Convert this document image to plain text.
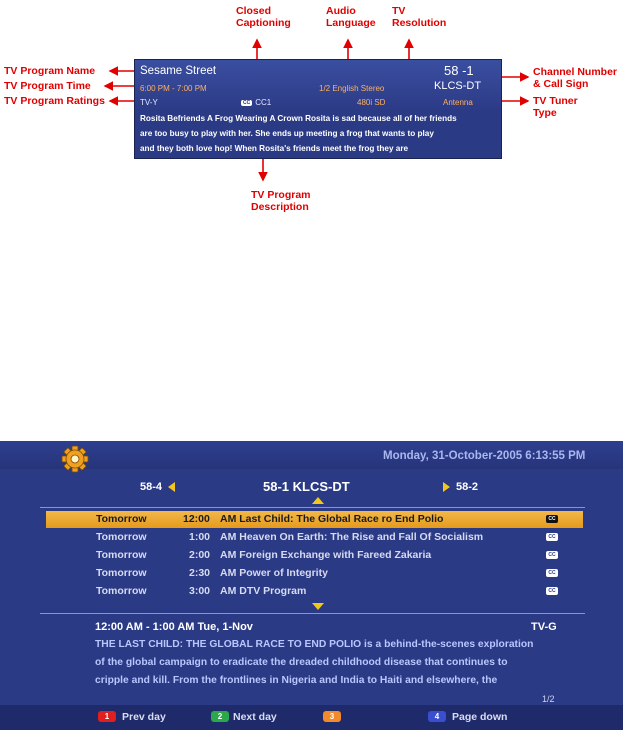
Closed
Captioning
Audio
Language
TV
Resolution
TV Program Name
TV Program Time
TV Program Ratings
Channel Number
& Call Sign
TV Tuner
Type
TV Program
Description
Sesame Street
6:00 PM - 7:00 PM
TV-Y	CC CC1
1/2 English Stereo
480i SD
58 -1
KLCS-DT
Antenna
Rosita Befriends A Frog Wearing A Crown Rosita is sad because all of her friends
are too busy to play with her. She ends up meeting a frog that wants to play
and they both love hop! When Rosita's friends meet the frog they are
Monday, 31-October-2005 6:13:55 PM
58-4	58-1 KLCS-DT	58-2
Tomorrow	12:00 AM Last Child: The Global Race ro End Polio	CC
Tomorrow	1:00 AM Heaven On Earth: The Rise and Fall Of Socialism	CC
Tomorrow	2:00 AM Foreign Exchange with Fareed Zakaria	CC
Tomorrow	2:30 AM Power of Integrity	CC
Tomorrow	3:00 AM DTV Program	CC
12:00 AM - 1:00 AM Tue, 1-Nov	TV-G
THE LAST CHILD: THE GLOBAL RACE TO END POLIO is a behind-the-scenes exploration
of the global campaign to eradicate the dreaded childhood disease that continues to
cripple and kill. From the frontlines in Nigeria and India to Haiti and elsewhere, the
1/2
1	Prev day	2	Next day	3	4	Page down
